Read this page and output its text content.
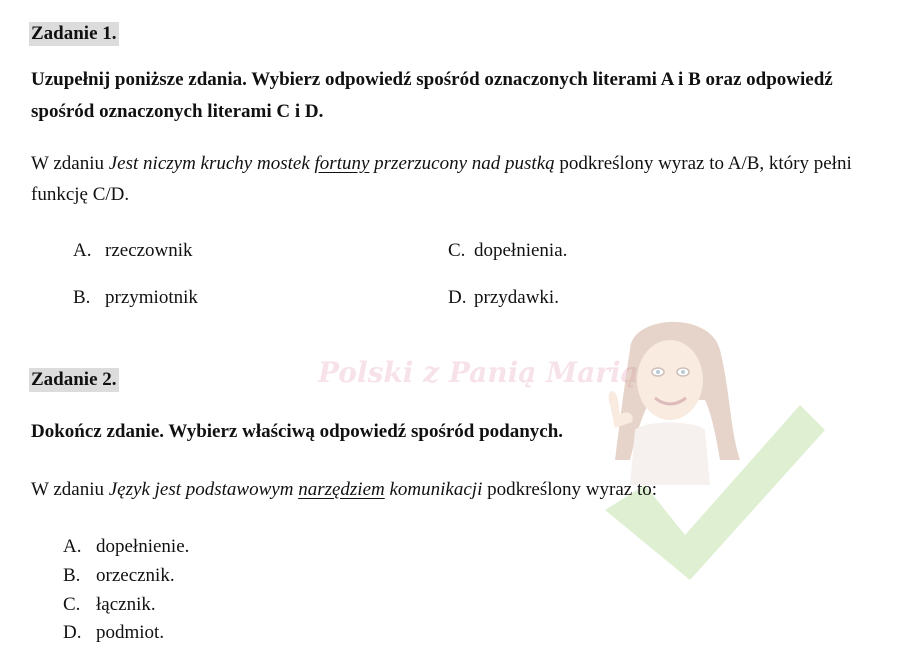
Polski z Panią Marią
Zadanie 1.
Uzupełnij poniższe zdania. Wybierz odpowiedź spośród oznaczonych literami A i B oraz odpowiedź spośród oznaczonych literami C i D.
W zdaniu Jest niczym kruchy mostek fortuny przerzucony nad pustką podkreślony wyraz to A/B, który pełni funkcję C/D.
A. rzeczownik
B. przymiotnik
C. dopełnienia.
D. przydawki.
Zadanie 2.
Dokończ zdanie. Wybierz właściwą odpowiedź spośród podanych.
W zdaniu Język jest podstawowym narzędziem komunikacji podkreślony wyraz to:
A. dopełnienie.
B. orzecznik.
C. łącznik.
D. podmiot.
